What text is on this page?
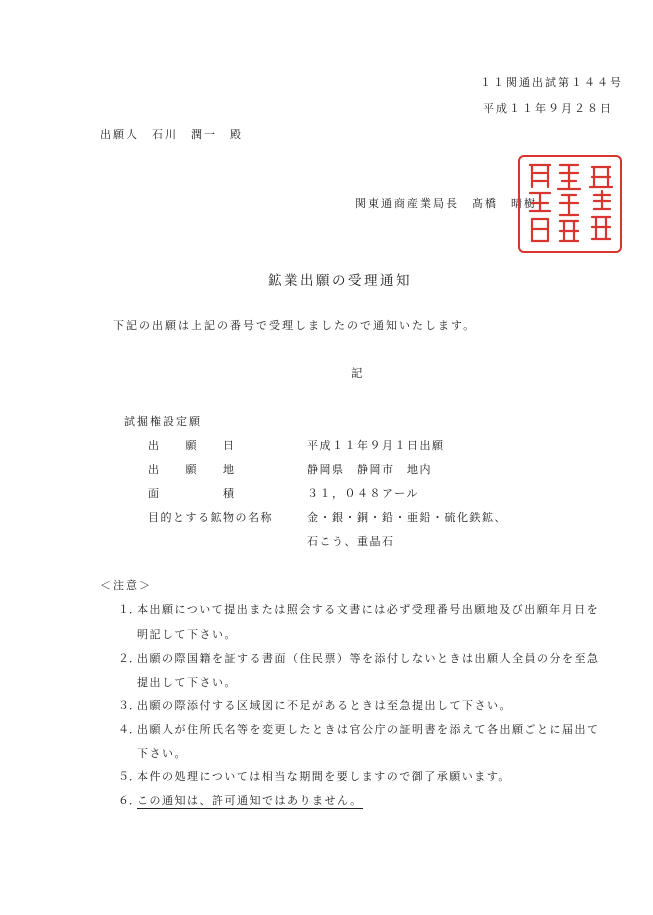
１１関通出試第１４４号
平成１１年９月２８日
出願人　石川　潤一　殿
関東通商産業局長　髙橋　晴樹
鉱業出願の受理通知
下記の出願は上記の番号で受理しましたので通知いたします。
記
試掘権設定願
出　　願　　日	平成１１年９月１日出願
出　　願　　地	静岡県　静岡市　地内
面　　　　　積	３１，０４８アール
目的とする鉱物の名称	金・銀・銅・鉛・亜鉛・硫化鉄鉱、
石こう、重晶石
＜注意＞
１．
本出願について提出または照会する文書には必ず受理番号出願地及び出願年月日を
明記して下さい。
２．
出願の際国籍を証する書面（住民票）等を添付しないときは出願人全員の分を至急
提出して下さい。
３．
出願の際添付する区域図に不足があるときは至急提出して下さい。
４．
出願人が住所氏名等を変更したときは官公庁の証明書を添えて各出願ごとに届出て
下さい。
５．
本件の処理については相当な期間を要しますので御了承願います。
６．
この通知は、許可通知ではありません。
